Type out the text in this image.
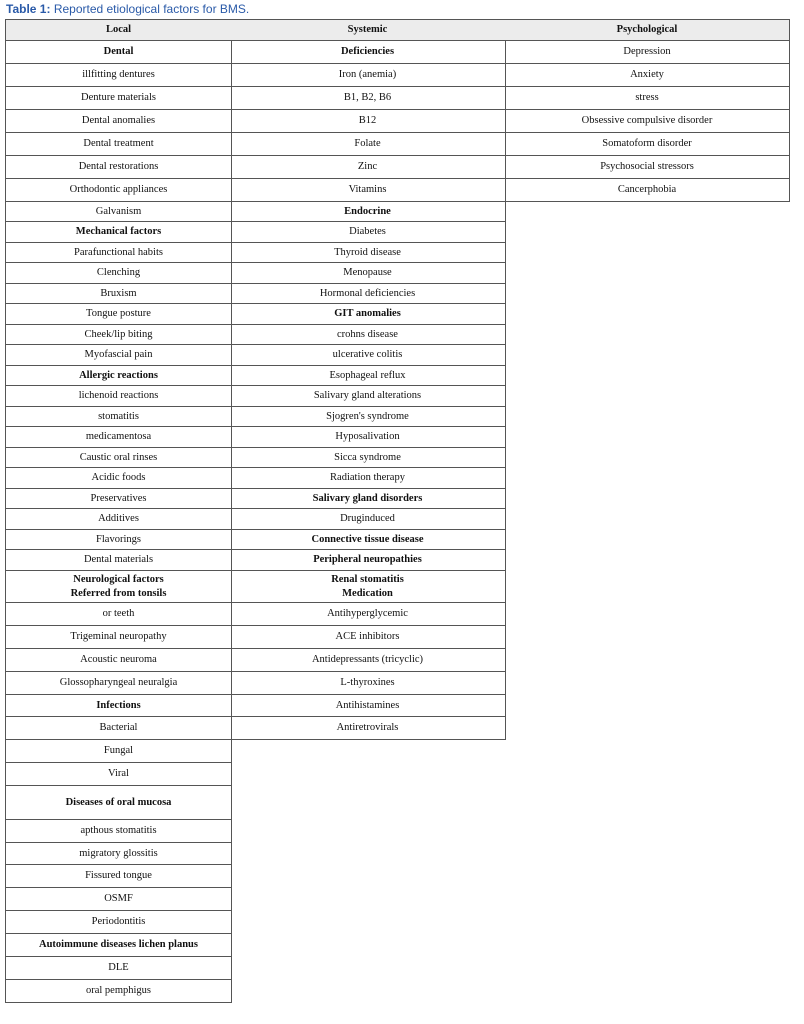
Table 1: Reported etiological factors for BMS.
Local
Dental
illfitting dentures
Denture materials
Dental anomalies
Dental treatment
Dental restorations
Orthodontic appliances
Galvanism
Mechanical factors
Parafunctional habits
Clenching
Bruxism
Tongue posture
Cheek/lip biting
Myofascial pain
Allergic reactions
lichenoid reactions
stomatitis
medicamentosa
Caustic oral rinses
Acidic foods
Preservatives
Additives
Flavorings
Dental materials
Neurological factors
Referred from tonsils
or teeth
Trigeminal neuropathy
Acoustic neuroma
Glossopharyngeal neuralgia
Infections
Bacterial
Fungal
Viral
Diseases of oral mucosa
apthous stomatitis
migratory glossitis
Fissured tongue
OSMF
Periodontitis
Autoimmune diseases lichen planus
DLE
oral pemphigus
Systemic
Deficiencies
Iron (anemia)
B1, B2, B6
B12
Folate
Zinc
Vitamins
Endocrine
Diabetes
Thyroid disease
Menopause
Hormonal deficiencies
GIT anomalies
crohns disease
ulcerative colitis
Esophageal reflux
Salivary gland alterations
Sjogren's syndrome
Hyposalivation
Sicca syndrome
Radiation therapy
Salivary gland disorders
Druginduced
Connective tissue disease
Peripheral neuropathies
Renal stomatitis
Medication
Antihyperglycemic
ACE inhibitors
Antidepressants (tricyclic)
L-thyroxines
Antihistamines
Antiretrovirals
Psychological
Depression
Anxiety
stress
Obsessive compulsive disorder
Somatoform disorder
Psychosocial stressors
Cancerphobia
